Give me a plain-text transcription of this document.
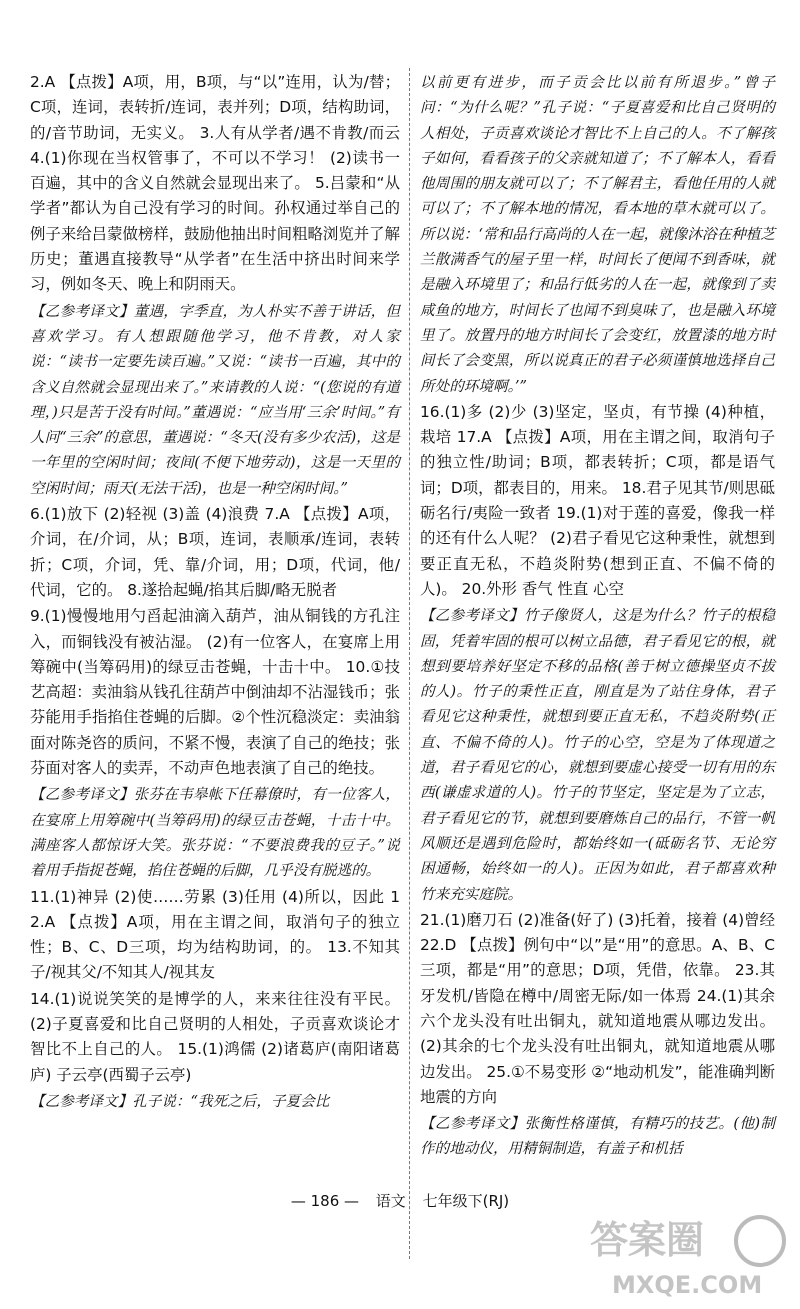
2.A 【点拨】A项，用，B项，与“以”连用，认为/替；C项，连词，表转折/连词，表并列；D项，结构助词，的/音节助词，无实义。 3.人有从学者/遇不肯教/而云 4.(1)你现在当权管事了，不可以不学习！ (2)读书一百遍，其中的含义自然就会显现出来了。 5.吕蒙和“从学者”都认为自己没有学习的时间。孙权通过举自己的例子来给吕蒙做榜样，鼓励他抽出时间粗略浏览并了解历史；董遇直接教导“从学者”在生活中挤出时间来学习，例如冬天、晚上和阴雨天。

【乙参考译文】董遇，字季直，为人朴实不善于讲话，但喜欢学习。有人想跟随他学习，他不肯教，对人家说：“读书一定要先读百遍。”又说：“读书一百遍，其中的含义自然就会显现出来了。”来请教的人说：“(您说的有道理，)只是苦于没有时间。”董遇说：“应当用‘三余’时间。”有人问“三余”的意思，董遇说：“冬天(没有多少农活)，这是一年里的空闲时间；夜间(不便下地劳动)，这是一天里的空闲时间；雨天(无法干活)，也是一种空闲时间。”

6.(1)放下 (2)轻视 (3)盖 (4)浪费 7.A 【点拨】A项，介词，在/介词，从；B项，连词，表顺承/连词，表转折；C项，介词，凭、靠/介词，用；D项，代词，他/代词，它的。 8.遂拾起蝇/掐其后脚/略无脱者

9.(1)慢慢地用勺舀起油滴入葫芦，油从铜钱的方孔注入，而铜钱没有被沾湿。 (2)有一位客人，在宴席上用筹碗中(当筹码用)的绿豆击苍蝇，十击十中。 10.①技艺高超：卖油翁从钱孔往葫芦中倒油却不沾湿钱币；张芬能用手指掐住苍蝇的后脚。②个性沉稳淡定：卖油翁面对陈尧咨的质问，不紧不慢，表演了自己的绝技；张芬面对客人的卖弄，不动声色地表演了自己的绝技。

【乙参考译文】张芬在韦皋帐下任幕僚时，有一位客人，在宴席上用筹碗中(当筹码用)的绿豆击苍蝇，十击十中。满座客人都惊讶大笑。张芬说：“不要浪费我的豆子。”说着用手指捉苍蝇，掐住苍蝇的后脚，几乎没有脱逃的。

11.(1)神异 (2)使……劳累 (3)任用 (4)所以，因此 12.A 【点拨】A项，用在主谓之间，取消句子的独立性；B、C、D三项，均为结构助词，的。 13.不知其子/视其父/不知其人/视其友

14.(1)说说笑笑的是博学的人，来来往往没有平民。 (2)子夏喜爱和比自己贤明的人相处，子贡喜欢谈论才智比不上自己的人。 15.(1)鸿儒 (2)诸葛庐(南阳诸葛庐) 子云亭(西蜀子云亭)

【乙参考译文】孔子说：“我死之后，子夏会比

以前更有进步，而子贡会比以前有所退步。”曾子问：“为什么呢？”孔子说：“子夏喜爱和比自己贤明的人相处，子贡喜欢谈论才智比不上自己的人。不了解孩子如何，看看孩子的父亲就知道了；不了解本人，看看他周围的朋友就可以了；不了解君主，看他任用的人就可以了；不了解本地的情况，看本地的草木就可以了。所以说：‘常和品行高尚的人在一起，就像沐浴在种植芝兰散满香气的屋子里一样，时间长了便闻不到香味，就是融入环境里了；和品行低劣的人在一起，就像到了卖咸鱼的地方，时间长了也闻不到臭味了，也是融入环境里了。放置丹的地方时间长了会变红，放置漆的地方时间长了会变黑，所以说真正的君子必须谨慎地选择自己所处的环境啊。’”

16.(1)多 (2)少 (3)坚定，坚贞，有节操 (4)种植，栽培 17.A 【点拨】A项，用在主谓之间，取消句子的独立性/助词；B项，都表转折；C项，都是语气词；D项，都表目的，用来。 18.君子见其节/则思砥砺名行/夷险一致者 19.(1)对于莲的喜爱，像我一样的还有什么人呢？ (2)君子看见它这种秉性，就想到要正直无私，不趋炎附势(想到正直、不偏不倚的人)。 20.外形 香气 性直 心空

【乙参考译文】竹子像贤人，这是为什么？竹子的根稳固，凭着牢固的根可以树立品德，君子看见它的根，就想到要培养好坚定不移的品格(善于树立德操坚贞不拔的人)。竹子的秉性正直，刚直是为了站住身体，君子看见它这种秉性，就想到要正直无私，不趋炎附势(正直、不偏不倚的人)。竹子的心空，空是为了体现道之道，君子看见它的心，就想到要虚心接受一切有用的东西(谦虚求道的人)。竹子的节坚定，坚定是为了立志，君子看见它的节，就想到要磨炼自己的品行，不管一帆风顺还是遇到危险时，都始终如一(砥砺名节、无论穷困通畅，始终如一的人)。正因为如此，君子都喜欢种竹来充实庭院。

21.(1)磨刀石 (2)准备(好了) (3)托着，接着 (4)曾经 22.D 【点拨】例句中“以”是“用”的意思。A、B、C三项，都是“用”的意思；D项，凭借，依靠。 23.其牙发机/皆隐在樽中/周密无际/如一体焉 24.(1)其余六个龙头没有吐出铜丸，就知道地震从哪边发出。 (2)其余的七个龙头没有吐出铜丸，就知道地震从哪边发出。 25.①不易变形 ②“地动机发”，能准确判断地震的方向

【乙参考译文】张衡性格谨慎，有精巧的技艺。(他)制作的地动仪，用精铜制造，有盖子和机括

— 186 — 语文 七年级下(RJ)
答案圈
MXQE.COM
